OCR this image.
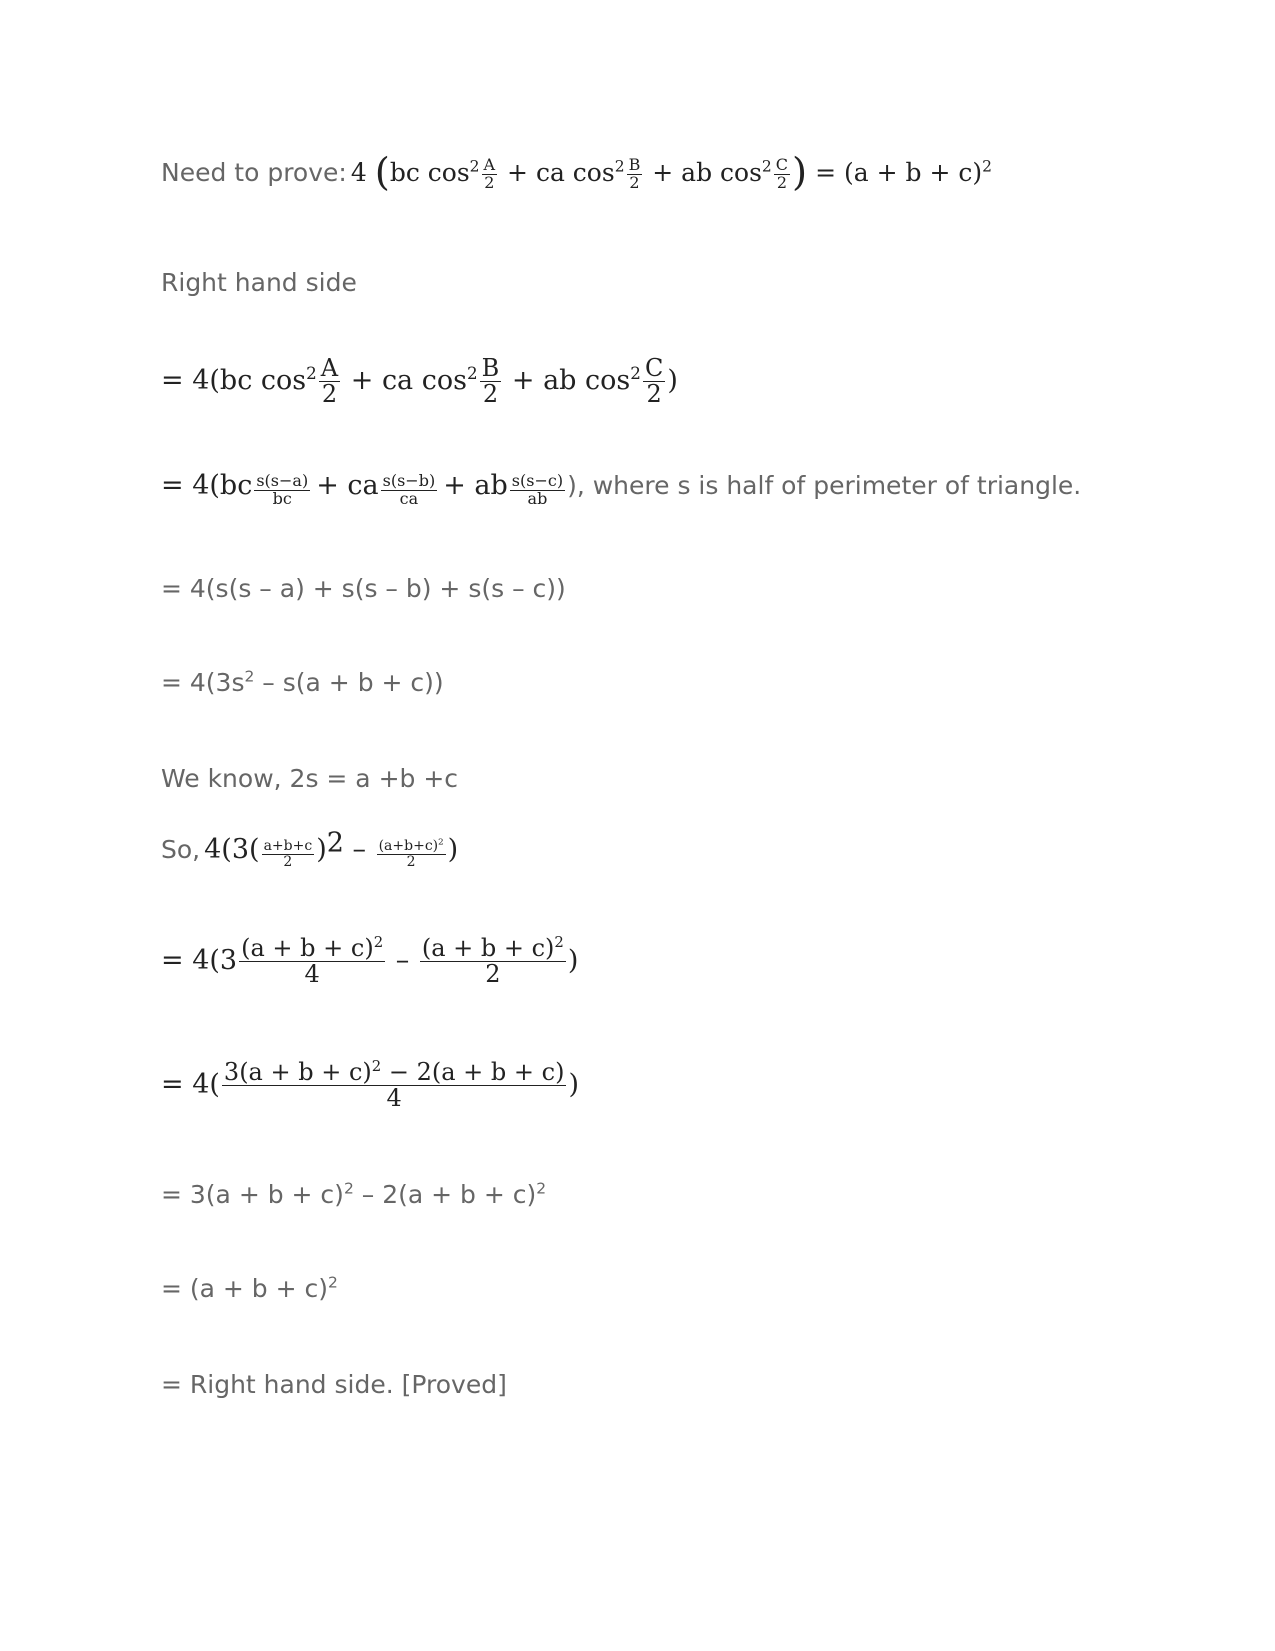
Need to prove: 4 (bc $\cos^2 \frac{A}{2}$ + ca $\cos^2 \frac{B}{2}$ + ab $\cos^2 \frac{C}{2}$ ) = $(a + b + c)^2$
Right hand side
= 4(bc $\cos^2 \frac{A}{2}$ + ca $\cos^2 \frac{B}{2}$ + ab $\cos^2 \frac{C}{2}$ )
= $4(bc \frac{s(s-a)}{bc}$ + ca $\frac{s(s-b)}{ca}$ + ab $\frac{s(s-c)}{ab}$ ), where s is half of perimeter of triangle.
= 4(s(s – a) + s(s – b) + s(s – c))
= $4(3s^2 - s(a + b + c))$
We know, 2s = a +b +c
So, $4(3( \frac{a+b+c}{2} )^2 - \frac{(a+b+c)^2}{2}$ )
= $4(3 \frac{(a + b + c)^2}{4} - \frac{(a + b + c)^2}{2}$ )
= $4( \frac{3(a + b + c)^2 - 2(a + b + c)}{4}$ )
= $3(a + b + c)^2 - 2(a + b + c)^2$
= $(a + b + c)^2$
= Right hand side. [Proved]
